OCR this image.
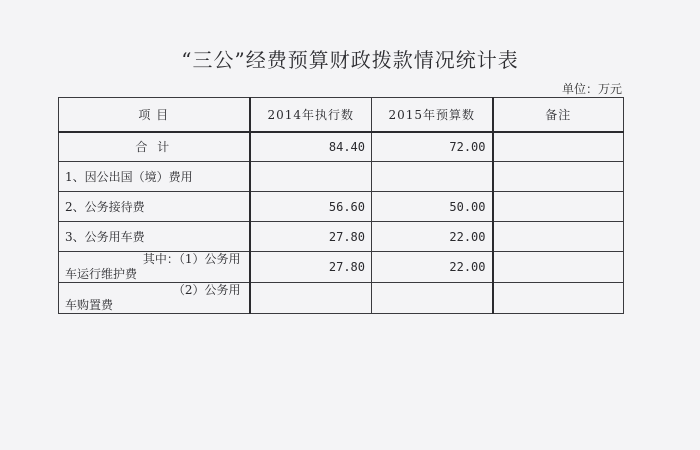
“三公”经费预算财政拨款情况统计表
单位：万元
项 目	2014年执行数	2015年预算数	备注
合 计	84.40	72.00	
1、因公出国（境）费用			
2、公务接待费	56.60	50.00	
3、公务用车费	27.80	22.00	

其中：（1）公务用
车运行维护费	27.80	22.00	

（2）公务用
车购置费			
